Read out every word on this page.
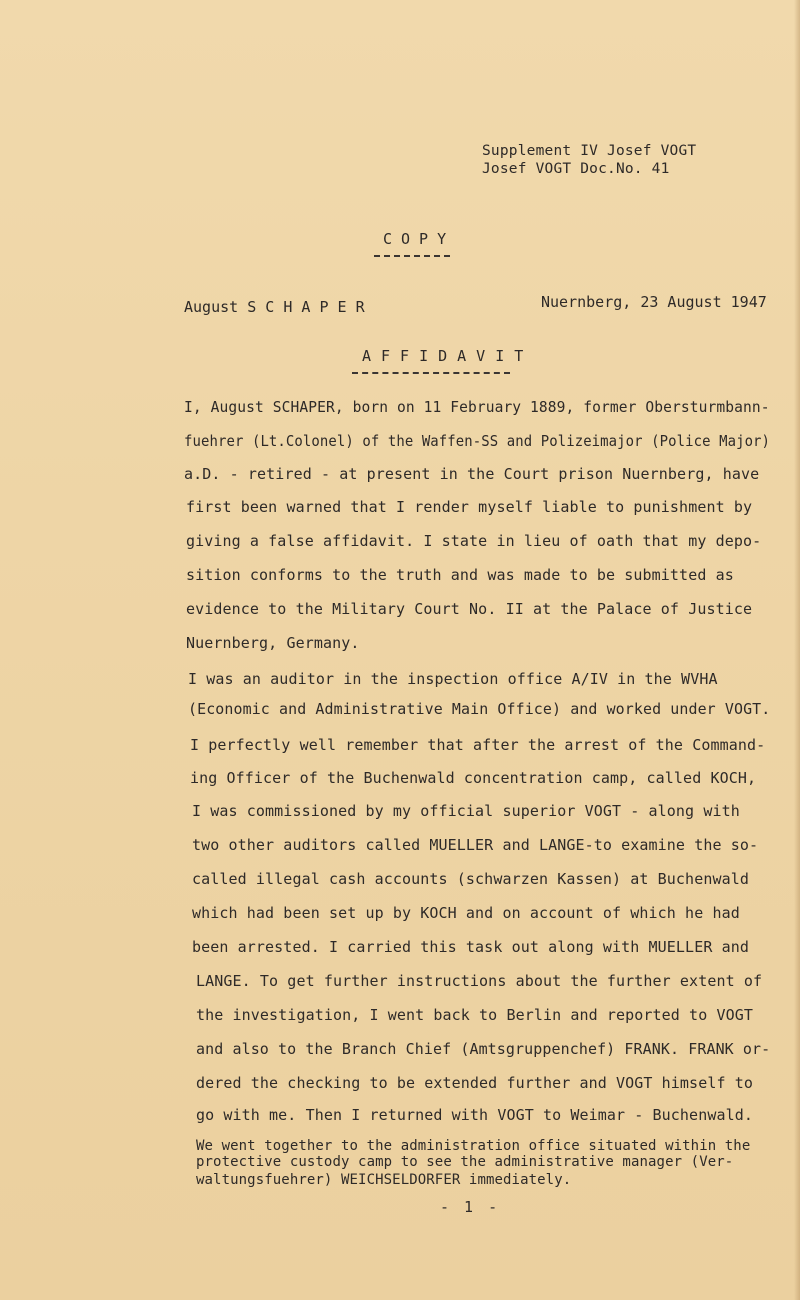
Supplement IV Josef VOGT
Josef VOGT Doc.No. 41
COPY
August S C H A P E R	Nuernberg, 23 August 1947
AFFIDAVIT
I, August SCHAPER, born on 11 February 1889, former Obersturmbann-
fuehrer (Lt.Colonel) of the Waffen-SS and Polizeimajor (Police Major)
a.D. - retired - at present in the Court prison Nuernberg, have
first been warned that I render myself liable to punishment by
giving a false affidavit. I state in lieu of oath that my depo-
sition conforms to the truth and was made to be submitted as
evidence to the Military Court No. II at the Palace of Justice
Nuernberg, Germany.
I was an auditor in the inspection office A/IV in the WVHA
(Economic and Administrative Main Office) and worked under VOGT.
I perfectly well remember that after the arrest of the Command-
ing Officer of the Buchenwald concentration camp, called KOCH,
I was commissioned by my official superior VOGT - along with
two other auditors called MUELLER and LANGE-to examine the so-
called illegal cash accounts (schwarzen Kassen) at Buchenwald
which had been set up by KOCH and on account of which he had
been arrested. I carried this task out along with MUELLER and
LANGE. To get further instructions about the further extent of
the investigation, I went back to Berlin and reported to VOGT
and also to the Branch Chief (Amtsgruppenchef) FRANK. FRANK or-
dered the checking to be extended further and VOGT himself to
go with me. Then I returned with VOGT to Weimar - Buchenwald.
We went together to the administration office situated within the
protective custody camp to see the administrative manager (Ver-
waltungsfuehrer) WEICHSELDORFER immediately.
- 1 -
